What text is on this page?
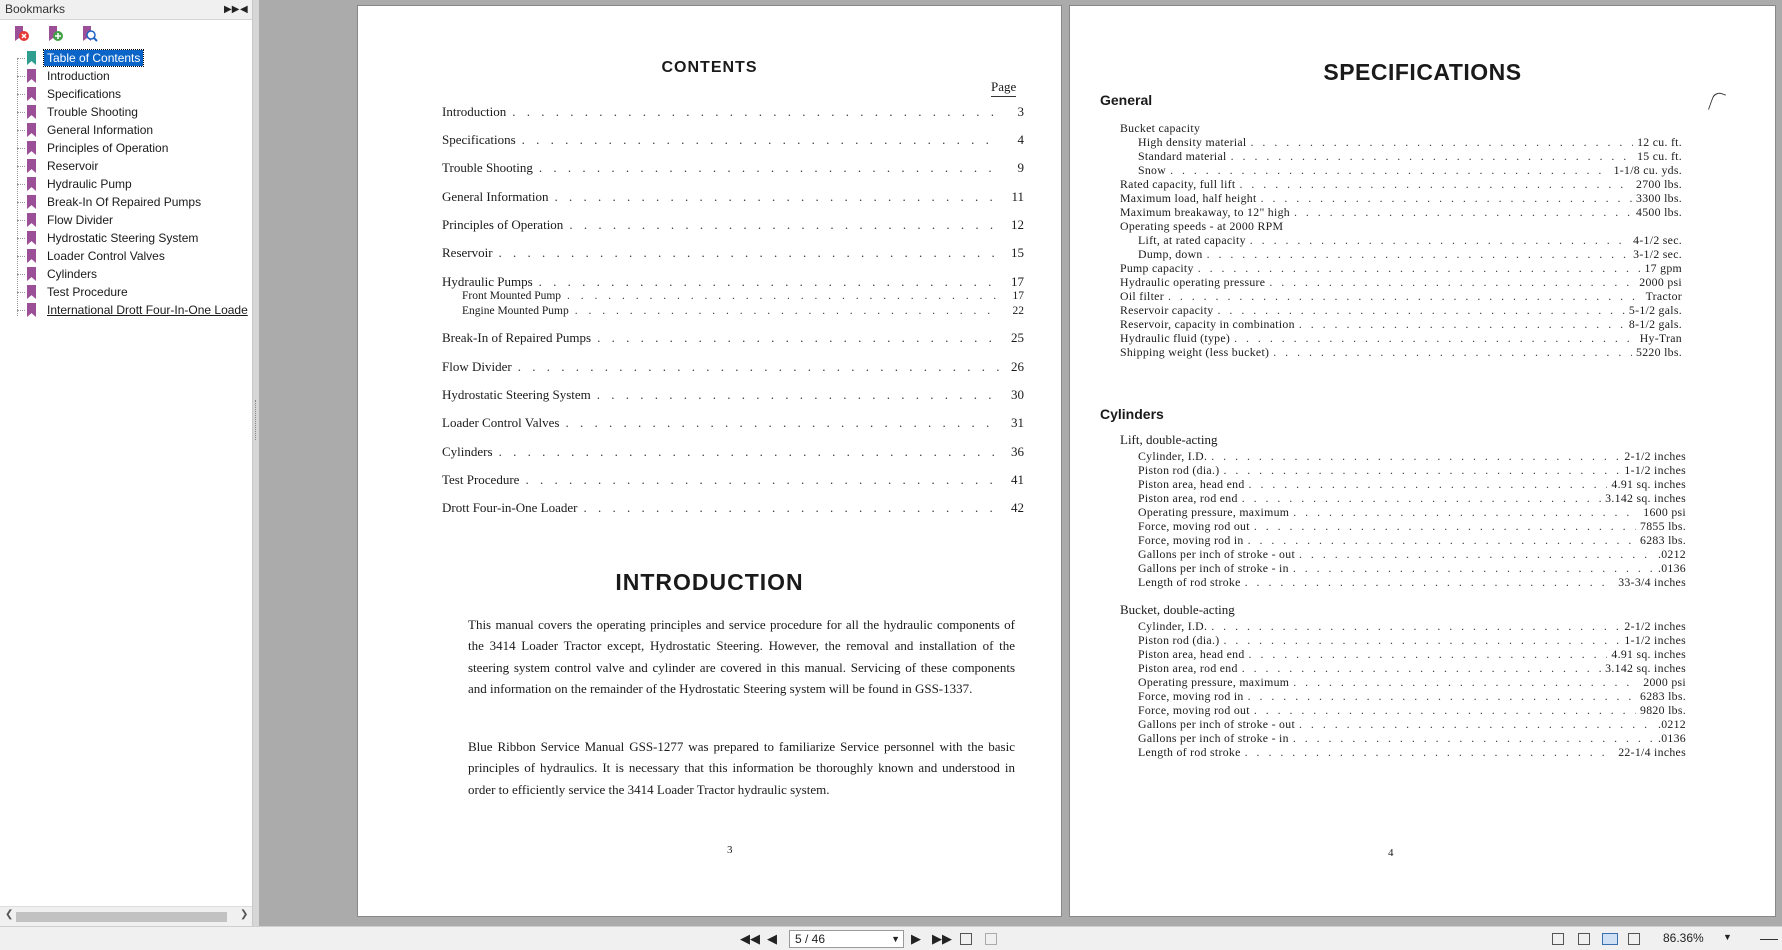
Bookmarks	▶▶ ◀
Table of Contents
Introduction
Specifications
Trouble Shooting
General Information
Principles of Operation
Reservoir
Hydraulic Pump
Break-In Of Repaired Pumps
Flow Divider
Hydrostatic Steering System
Loader Control Valves
Cylinders
Test Procedure
International Drott Four-In-One Loade
❮	❯
CONTENTS
Page
Introduction . . .	3
Specifications . . .	4
Trouble Shooting . . .	9
General Information . . .	11
Principles of Operation . . .	12
Reservoir . . .	15
Hydraulic Pumps . . .	17
Front Mounted Pump . . .	17
Engine Mounted Pump . . .	22
Break-In of Repaired Pumps . . .	25
Flow Divider . . .	26
Hydrostatic Steering System . . .	30
Loader Control Valves . . .	31
Cylinders . . .	36
Test Procedure . . .	41
Drott Four-in-One Loader . . .	42
INTRODUCTION

This manual covers the operating principles and service procedure for all the hydraulic components of the 3414 Loader Tractor except, Hydrostatic Steering. However, the removal and installation of the steering system control valve and cylinder are covered in this manual. Servicing of these components and information on the remainder of the Hydrostatic Steering system will be found in GSS-1337.

Blue Ribbon Service Manual GSS-1277 was prepared to familiarize Service personnel with the basic principles of hydraulics. It is necessary that this information be thoroughly known and understood in order to efficiently service the 3414 Loader Tractor hydraulic system.

3
SPECIFICATIONS
General
Bucket capacity
High density material . . .	12 cu. ft.
Standard material . . .	15 cu. ft.
Snow . . .	1-1/8 cu. yds.
Rated capacity, full lift . . .	2700 lbs.
Maximum load, half height . . .	3300 lbs.
Maximum breakaway, to 12" high . . .	4500 lbs.
Operating speeds - at 2000 RPM
Lift, at rated capacity . . .	4-1/2 sec.
Dump, down . . .	3-1/2 sec.
Pump capacity . . .	17 gpm
Hydraulic operating pressure . . .	2000 psi
Oil filter . . .	Tractor
Reservoir capacity . . .	5-1/2 gals.
Reservoir, capacity in combination . . .	8-1/2 gals.
Hydraulic fluid (type) . . .	Hy-Tran
Shipping weight (less bucket) . . .	5220 lbs.
Cylinders
Lift, double-acting
Cylinder, I.D. . . .	2-1/2 inches
Piston rod (dia.) . . .	1-1/2 inches
Piston area, head end . . .	4.91 sq. inches
Piston area, rod end . . .	3.142 sq. inches
Operating pressure, maximum . . .	1600 psi
Force, moving rod out . . .	7855 lbs.
Force, moving rod in . . .	6283 lbs.
Gallons per inch of stroke - out . . .	.0212
Gallons per inch of stroke - in . . .	.0136
Length of rod stroke . . .	33-3/4 inches
Bucket, double-acting
Cylinder, I.D. . . .	2-1/2 inches
Piston rod (dia.) . . .	1-1/2 inches
Piston area, head end . . .	4.91 sq. inches
Piston area, rod end . . .	3.142 sq. inches
Operating pressure, maximum . . .	2000 psi
Force, moving rod in . . .	6283 lbs.
Force, moving rod out . . .	9820 lbs.
Gallons per inch of stroke - out . . .	.0212
Gallons per inch of stroke - in . . .	.0136
Length of rod stroke . . .	22-1/4 inches
4
◀◀ ◀	5 / 46	▼ ▶ ▶▶	86.36% ▼
